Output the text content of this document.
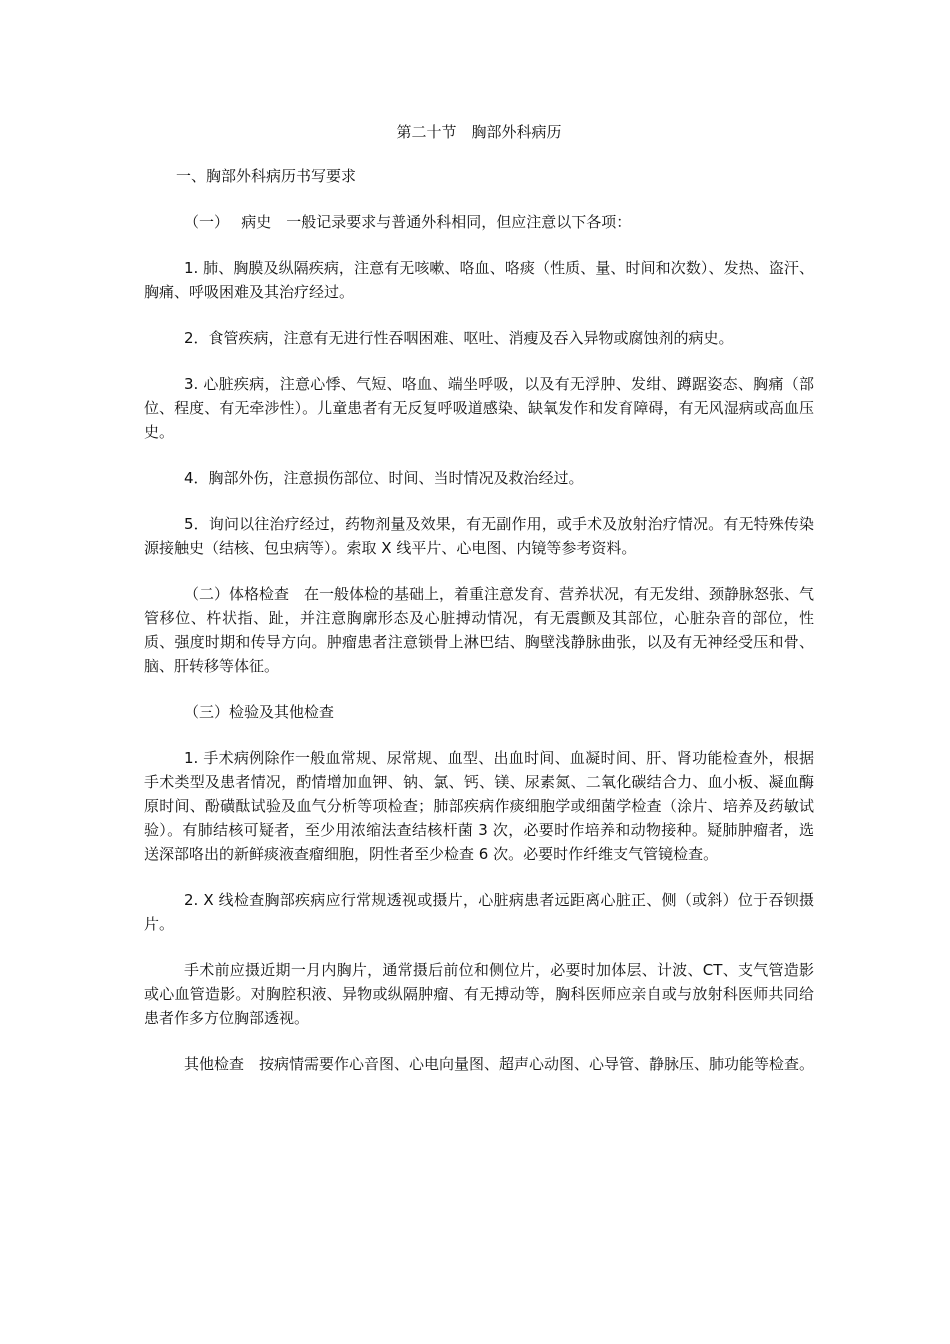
第二十节　胸部外科病历
一、胸部外科病历书写要求
（一）　 病史　一般记录要求与普通外科相同，但应注意以下各项：
1. 肺、胸膜及纵隔疾病，注意有无咳嗽、咯血、咯痰（性质、量、时间和次数）、发热、盗汗、胸痛、呼吸困难及其治疗经过。
2．食管疾病，注意有无进行性吞咽困难、呕吐、消瘦及吞入异物或腐蚀剂的病史。
3. 心脏疾病，注意心悸、气短、咯血、端坐呼吸，以及有无浮肿、发绀、蹲踞姿态、胸痛（部位、程度、有无牵涉性）。儿童患者有无反复呼吸道感染、缺氧发作和发育障碍，有无风湿病或高血压史。
4．胸部外伤，注意损伤部位、时间、当时情况及救治经过。
5．询问以往治疗经过，药物剂量及效果，有无副作用，或手术及放射治疗情况。有无特殊传染源接触史（结核、包虫病等）。索取 X 线平片、心电图、内镜等参考资料。
（二）体格检查　在一般体检的基础上，着重注意发育、营养状况，有无发绀、颈静脉怒张、气管移位、杵状指、趾，并注意胸廓形态及心脏搏动情况，有无震颤及其部位，心脏杂音的部位，性质、强度时期和传导方向。肿瘤患者注意锁骨上淋巴结、胸壁浅静脉曲张，以及有无神经受压和骨、脑、肝转移等体征。
（三）检验及其他检查
1. 手术病例除作一般血常规、尿常规、血型、出血时间、血凝时间、肝、肾功能检查外，根据手术类型及患者情况，酌情增加血钾、钠、氯、钙、镁、尿素氮、二氧化碳结合力、血小板、凝血酶原时间、酚磺酞试验及血气分析等项检查；肺部疾病作痰细胞学或细菌学检查（涂片、培养及药敏试验）。有肺结核可疑者，至少用浓缩法查结核杆菌 3 次，必要时作培养和动物接种。疑肺肿瘤者，选送深部咯出的新鲜痰液查瘤细胞，阴性者至少检查 6 次。必要时作纤维支气管镜检查。
2. X 线检查胸部疾病应行常规透视或摄片，心脏病患者远距离心脏正、侧（或斜）位于吞钡摄片。
手术前应摄近期一月内胸片，通常摄后前位和侧位片，必要时加体层、计波、CT、支气管造影或心血管造影。对胸腔积液、异物或纵隔肿瘤、有无搏动等，胸科医师应亲自或与放射科医师共同给患者作多方位胸部透视。
其他检查　按病情需要作心音图、心电向量图、超声心动图、心导管、静脉压、肺功能等检查。
